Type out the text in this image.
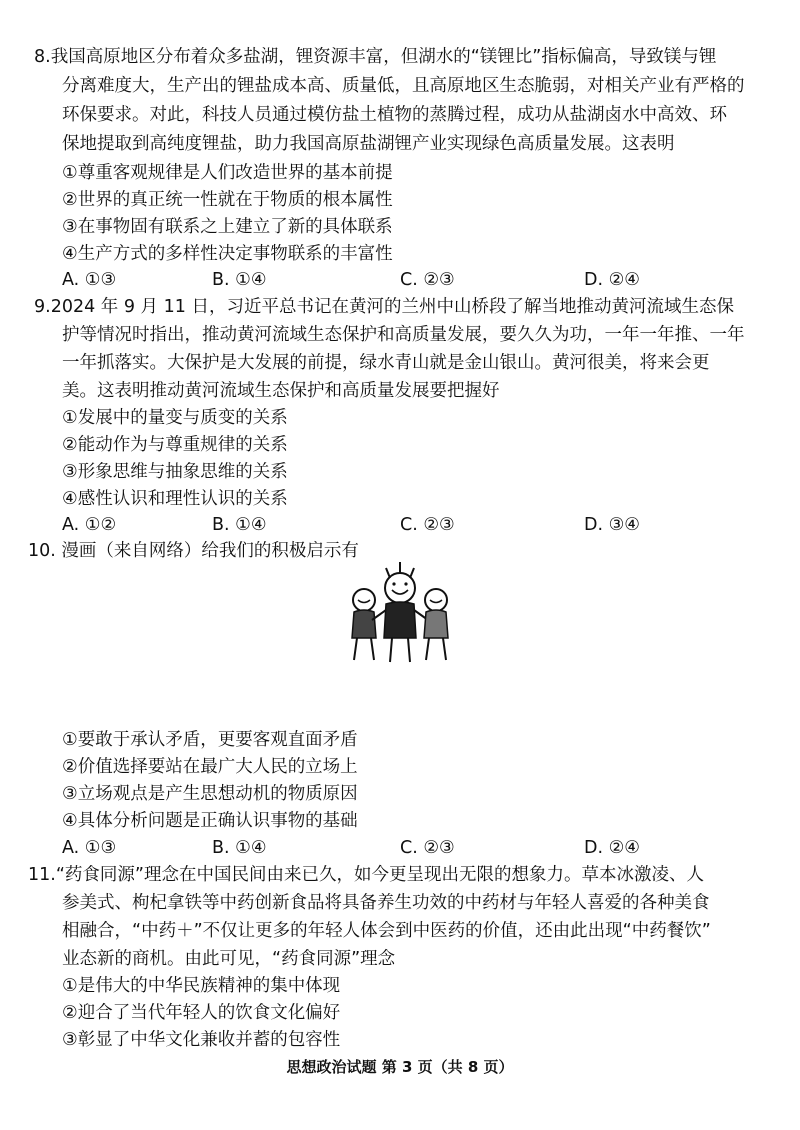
8.我国高原地区分布着众多盐湖，锂资源丰富，但湖水的“镁锂比”指标偏高，导致镁与锂
分离难度大，生产出的锂盐成本高、质量低，且高原地区生态脆弱，对相关产业有严格的
环保要求。对此，科技人员通过模仿盐土植物的蒸腾过程，成功从盐湖卤水中高效、环
保地提取到高纯度锂盐，助力我国高原盐湖锂产业实现绿色高质量发展。这表明
①尊重客观规律是人们改造世界的基本前提
②世界的真正统一性就在于物质的根本属性
③在事物固有联系之上建立了新的具体联系
④生产方式的多样性决定事物联系的丰富性
A. ①③	B. ①④	C. ②③	D. ②④
9.2024 年 9 月 11 日，习近平总书记在黄河的兰州中山桥段了解当地推动黄河流域生态保
护等情况时指出，推动黄河流域生态保护和高质量发展，要久久为功，一年一年推、一年
一年抓落实。大保护是大发展的前提，绿水青山就是金山银山。黄河很美，将来会更
美。这表明推动黄河流域生态保护和高质量发展要把握好
①发展中的量变与质变的关系
②能动作为与尊重规律的关系
③形象思维与抽象思维的关系
④感性认识和理性认识的关系
A. ①②	B. ①④	C. ②③	D. ③④
10. 漫画（来自网络）给我们的积极启示有
①要敢于承认矛盾，更要客观直面矛盾
②价值选择要站在最广大人民的立场上
③立场观点是产生思想动机的物质原因
④具体分析问题是正确认识事物的基础
A. ①③	B. ①④	C. ②③	D. ②④
11.“药食同源”理念在中国民间由来已久，如今更呈现出无限的想象力。草本冰激凌、人
参美式、枸杞拿铁等中药创新食品将具备养生功效的中药材与年轻人喜爱的各种美食
相融合，“中药＋”不仅让更多的年轻人体会到中医药的价值，还由此出现“中药餐饮”
业态新的商机。由此可见，“药食同源”理念
①是伟大的中华民族精神的集中体现
②迎合了当代年轻人的饮食文化偏好
③彰显了中华文化兼收并蓄的包容性
思想政治试题 第 3 页（共 8 页）
